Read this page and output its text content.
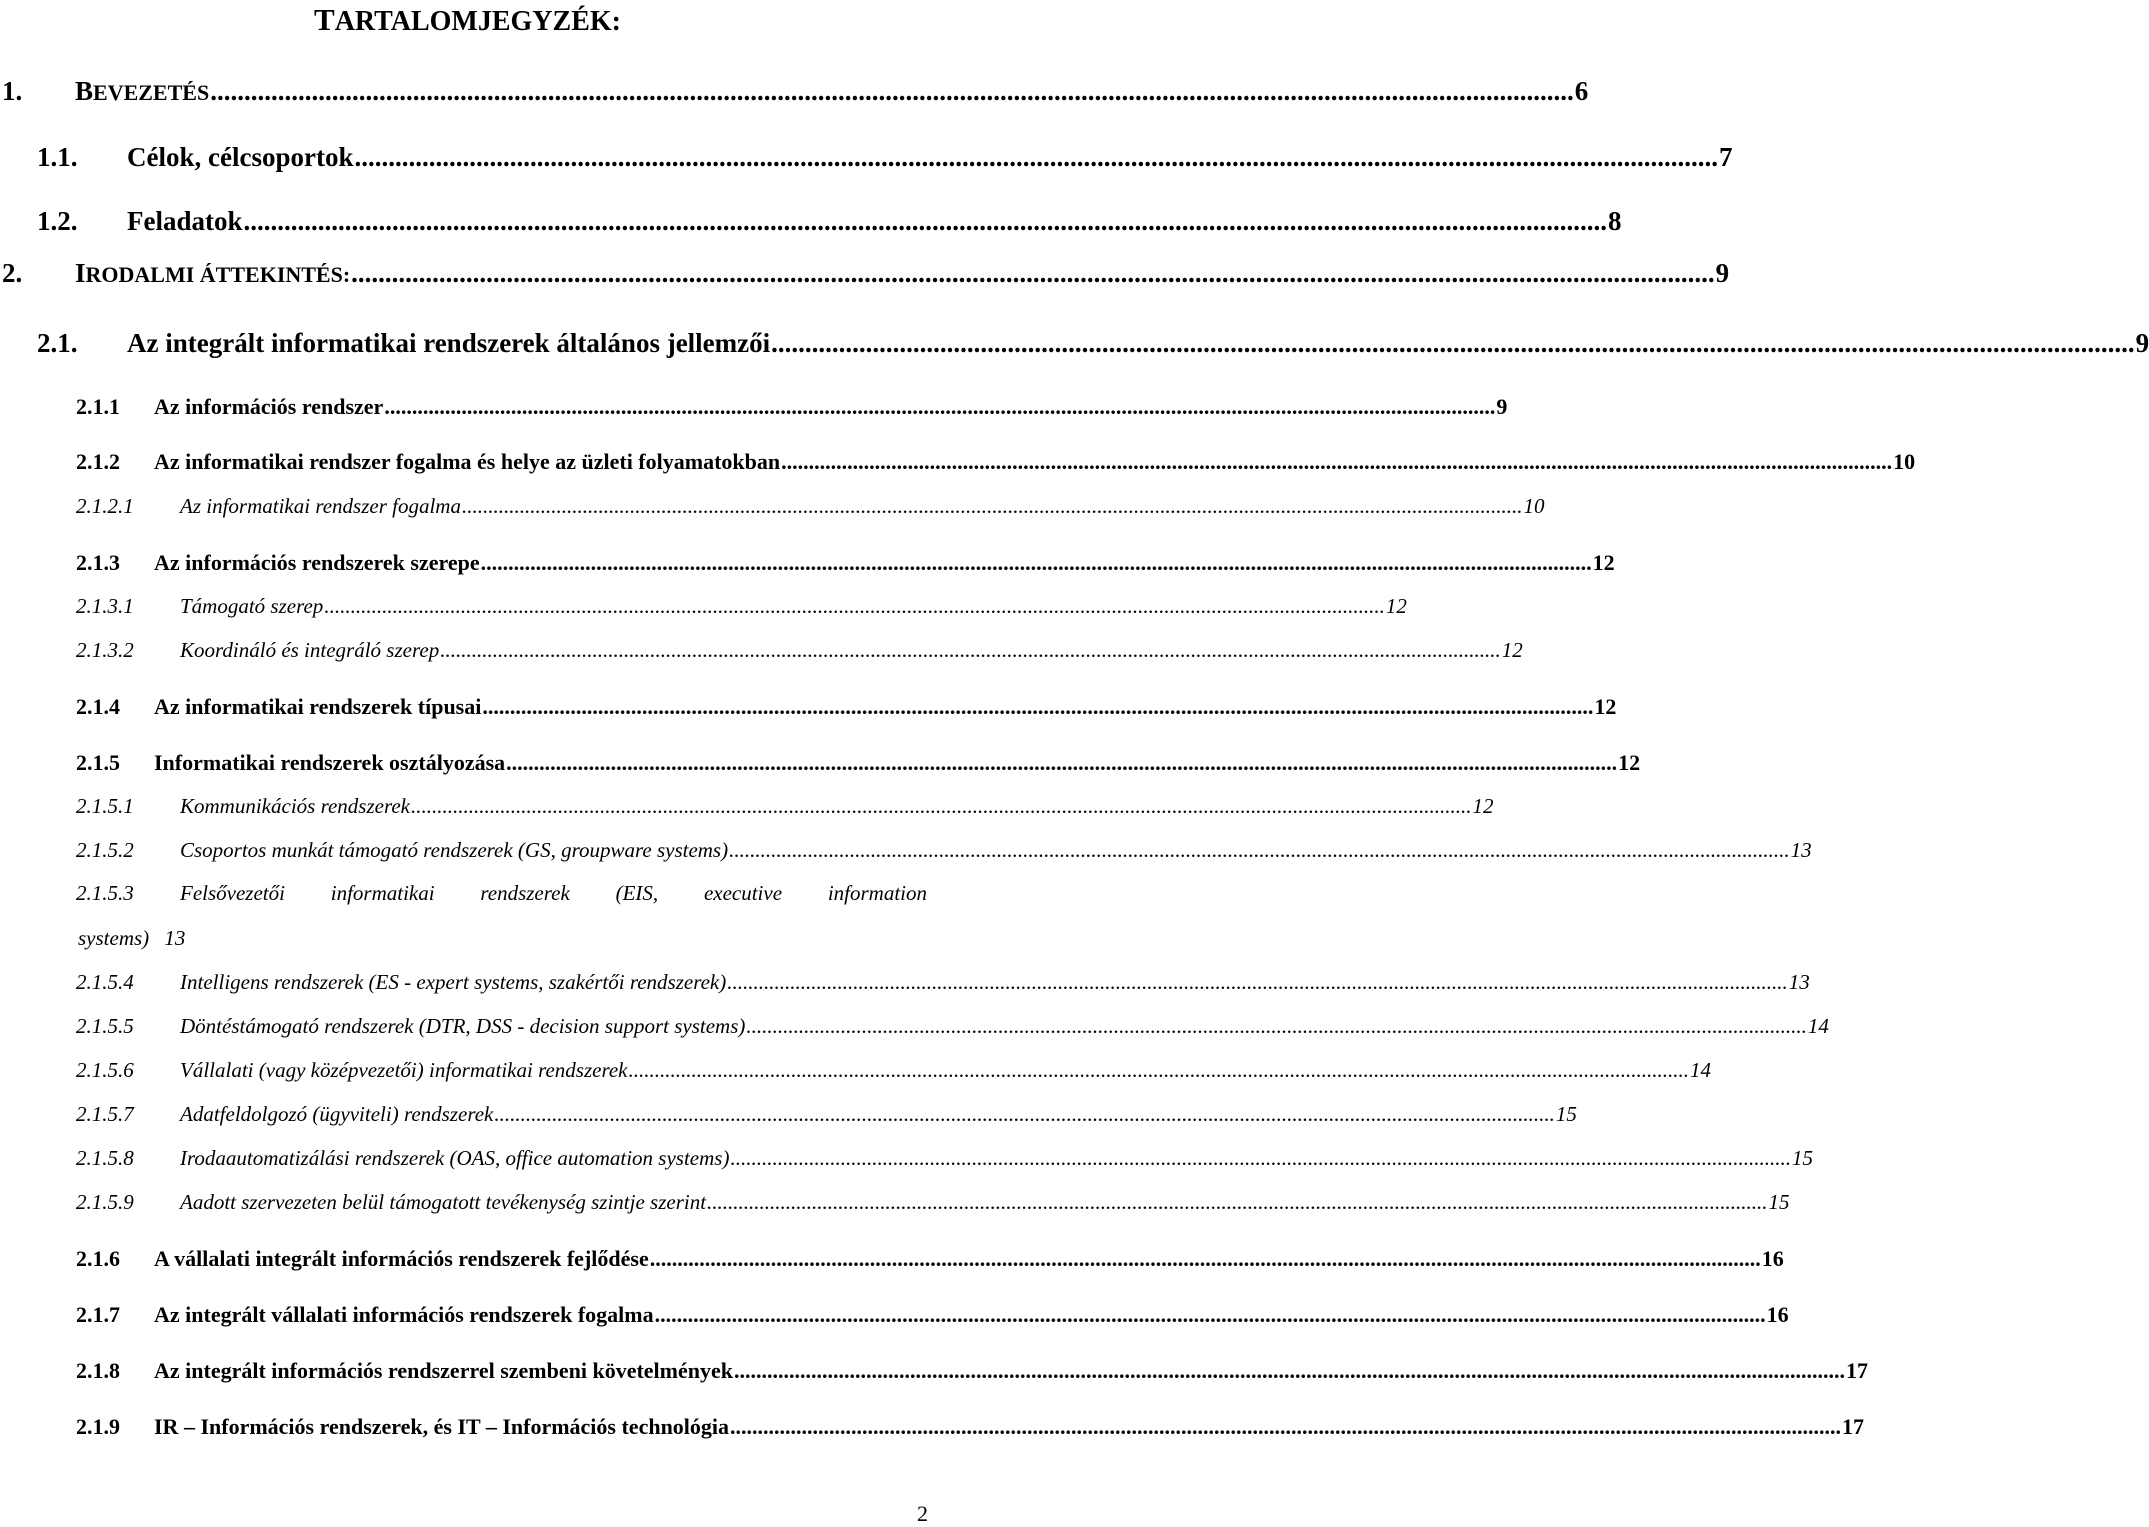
TARTALOMJEGYZÉK:
1. BEVEZETÉS .......................................................................................................................................................................................................... 6
1.1. Célok, célcsoportok .......................................................................................................................................................................................................... 7
1.2. Feladatok .......................................................................................................................................................................................................... 8
2. IRODALMI ÁTTEKINTÉS: .......................................................................................................................................................................................................... 9
2.1. Az integrált informatikai rendszerek általános jellemzői .......................................................................................................................................................................................................... 9
2.1.1 Az információs rendszer .......................................................................................................................................................................................................... 9
2.1.2 Az informatikai rendszer fogalma és helye az üzleti folyamatokban .......................................................................................................................................................................................................... 10
2.1.2.1 Az informatikai rendszer fogalma .......................................................................................................................................................................................................... 10
2.1.3 Az információs rendszerek szerepe .......................................................................................................................................................................................................... 12
2.1.3.1 Támogató szerep .......................................................................................................................................................................................................... 12
2.1.3.2 Koordináló és integráló szerep .......................................................................................................................................................................................................... 12
2.1.4 Az informatikai rendszerek típusai .......................................................................................................................................................................................................... 12
2.1.5 Informatikai rendszerek osztályozása .......................................................................................................................................................................................................... 12
2.1.5.1 Kommunikációs rendszerek .......................................................................................................................................................................................................... 12
2.1.5.2 Csoportos munkát támogató rendszerek (GS, groupware systems) .......................................................................................................................................................................................................... 13
2.1.5.3 Felsővezetői informatikai rendszerek (EIS, executive information
systems) 13
2.1.5.4 Intelligens rendszerek (ES - expert systems, szakértői rendszerek) .......................................................................................................................................................................................................... 13
2.1.5.5 Döntéstámogató rendszerek (DTR, DSS - decision support systems) .......................................................................................................................................................................................................... 14
2.1.5.6 Vállalati (vagy középvezetői) informatikai rendszerek .......................................................................................................................................................................................................... 14
2.1.5.7 Adatfeldolgozó (ügyviteli) rendszerek .......................................................................................................................................................................................................... 15
2.1.5.8 Irodaautomatizálási rendszerek (OAS, office automation systems) .......................................................................................................................................................................................................... 15
2.1.5.9 Aadott szervezeten belül támogatott tevékenység szintje szerint .......................................................................................................................................................................................................... 15
2.1.6 A vállalati integrált információs rendszerek fejlődése .......................................................................................................................................................................................................... 16
2.1.7 Az integrált vállalati információs rendszerek fogalma .......................................................................................................................................................................................................... 16
2.1.8 Az integrált információs rendszerrel szembeni követelmények .......................................................................................................................................................................................................... 17
2.1.9 IR – Információs rendszerek, és IT – Információs technológia .......................................................................................................................................................................................................... 17
2
